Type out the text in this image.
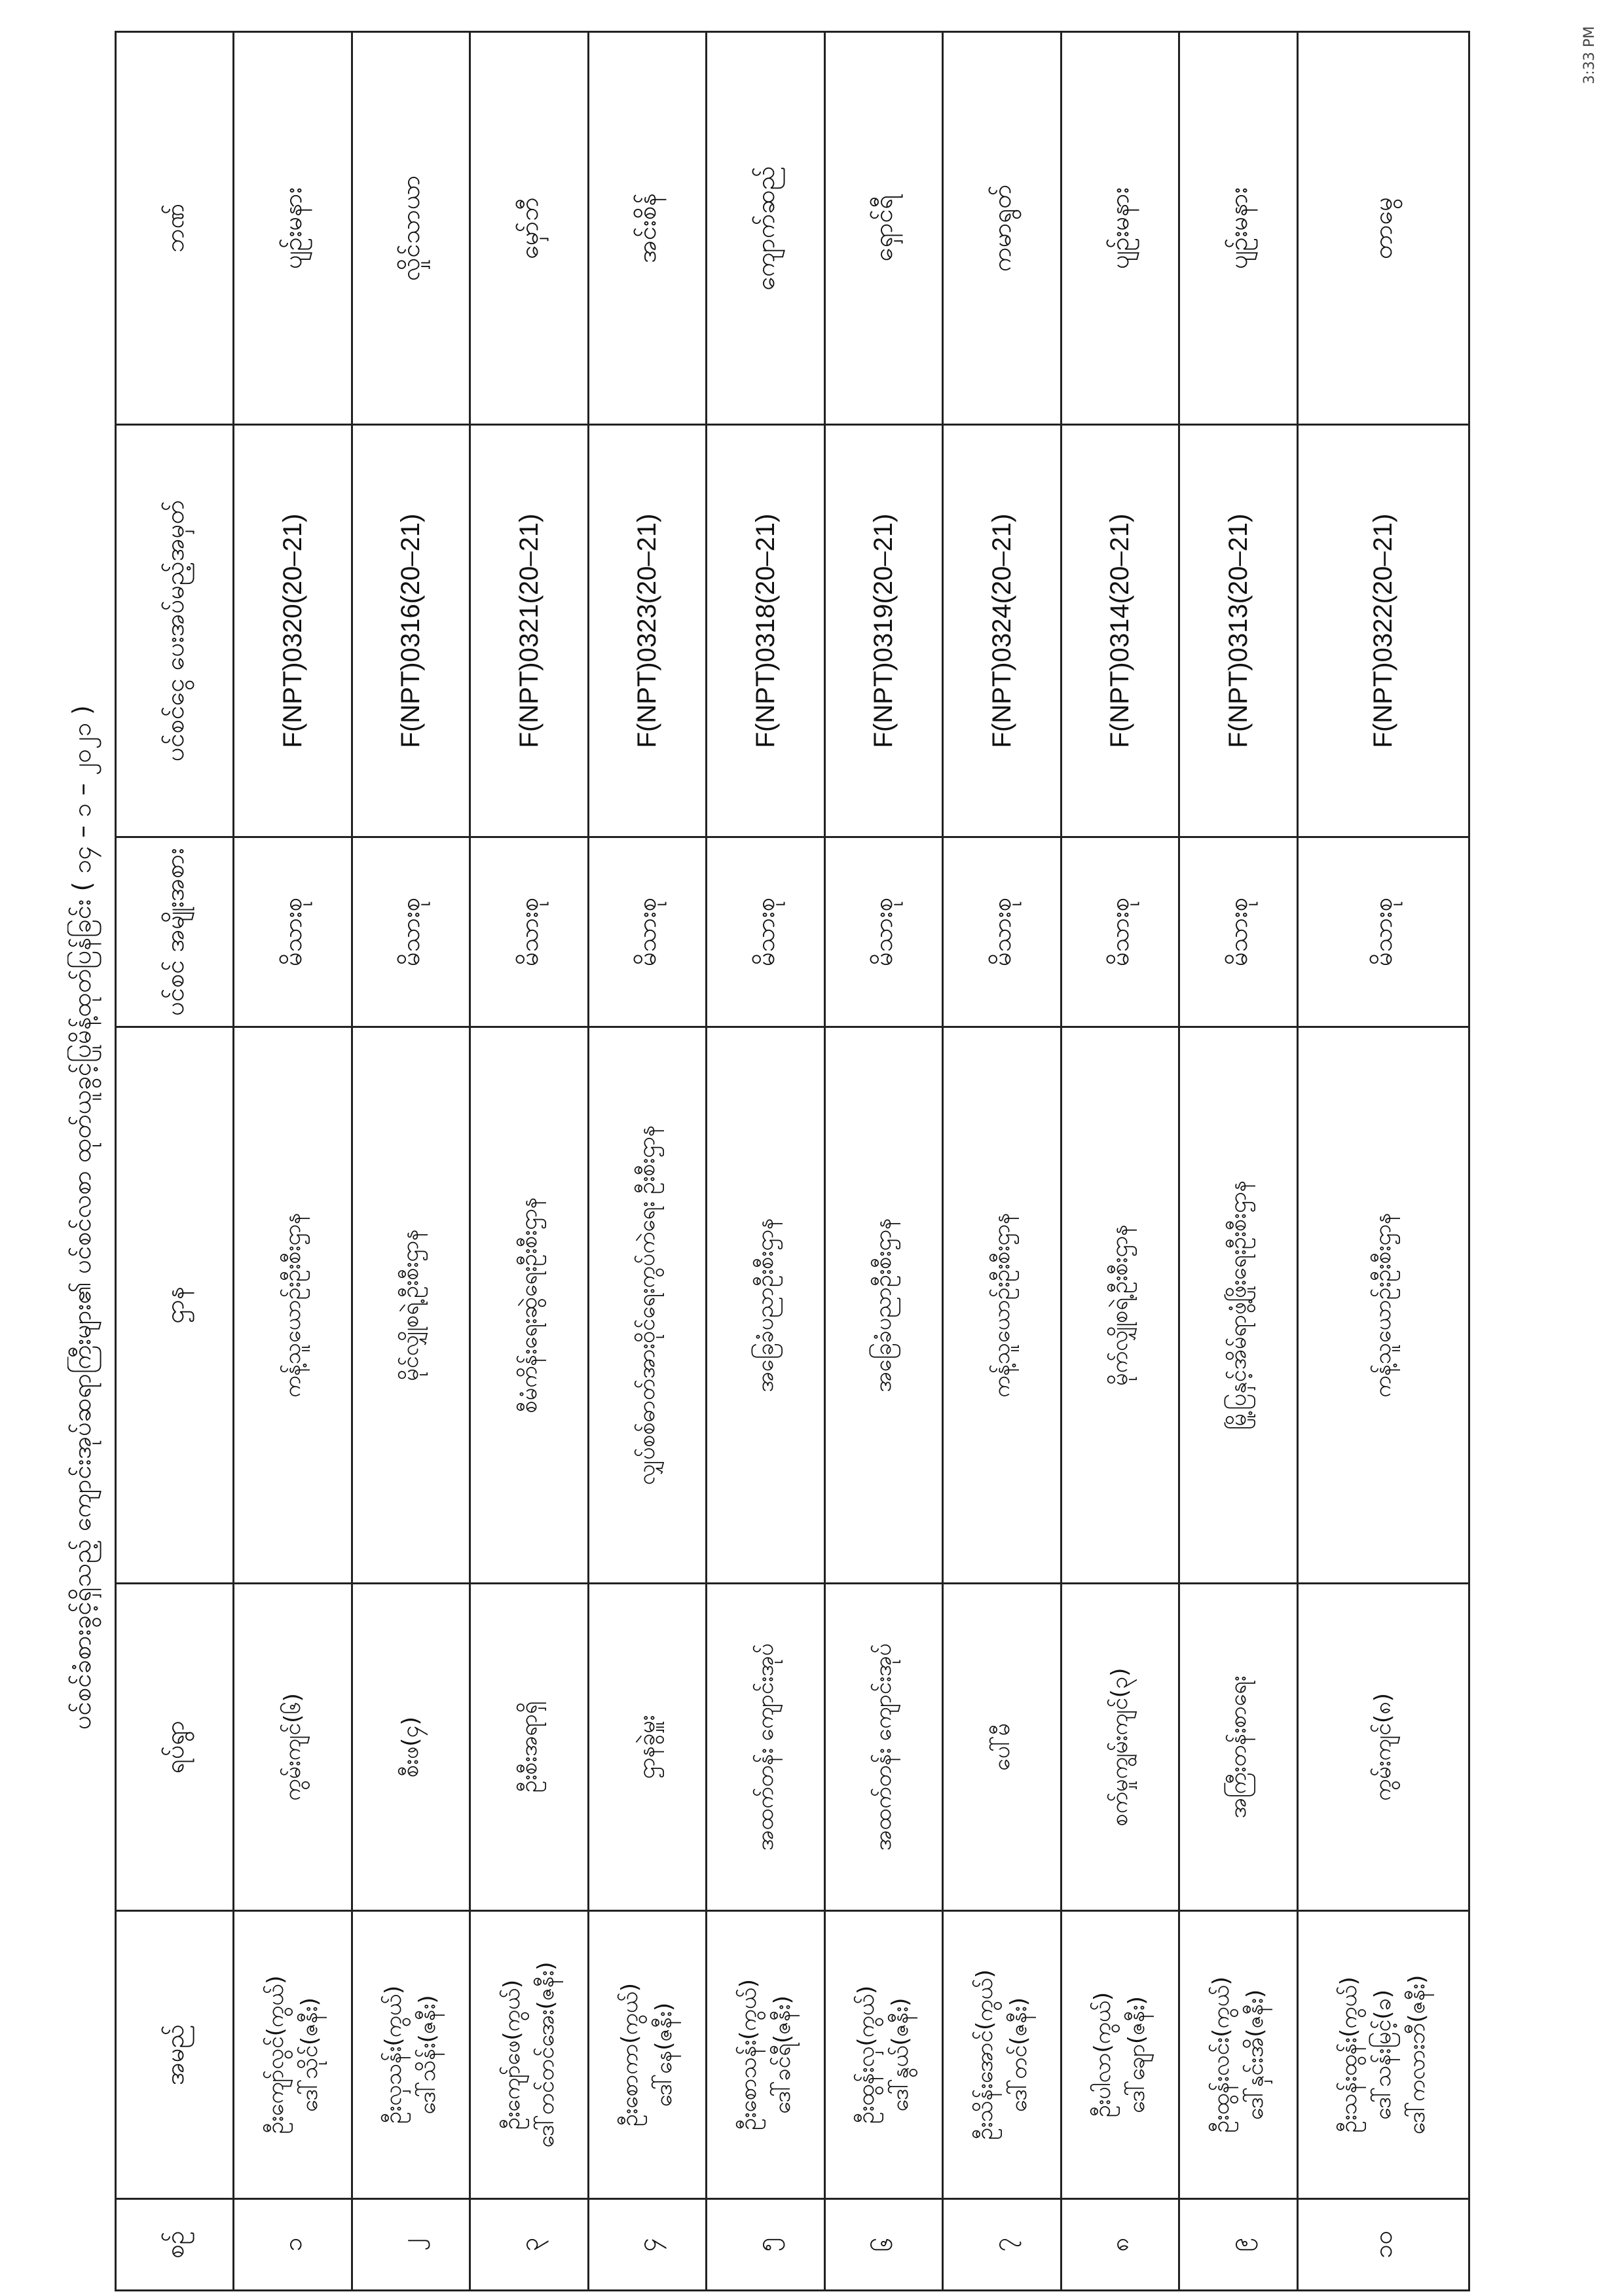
3:33 PM
ပင်စင်ခံစားခွင့်ရှိသည့် ကျောင်းအုပ်ဆရာကြီးများ၏ ပင်စင်လစာ ထုတ်ယူခွင့်ပြုမိန့်ထုတ်ပြန်ခြင်း ( ၁၄ – ၁ – ၂၀၂၁ )
စဥ်	အမည်	ရပ်ရွာ	ဌာန	ပင်စင် အမျိုးအစား	ပင်စင်ငွေ ပေးအပ်မည့်အမှတ်	ဘဏ်
၁	ဦးကျော်လွင်(ကွယ်) ဒေါ်သိုင်(ဇနီး)	ကွမ်းကျင်(၆)	ကန့်သူယောဉ်းဦးစီးဌာန	မိသားစု	F(NPT)0320(20–21)	ပျဉ်းမနား
၂	ဦးလှသန်း(ကွယ်) ဒေါ်သိန်း(ဇနီး)	စီးဖ(၄)	မိုင်လျှိုစရဲ့ဦးစီးဌာန	မိသားစု	F(NPT)0316(20–21)	လှိုင်သာယာ
၃	ဦးကျော်ဖေ(ကွယ်) ဒေါ်တင်တင်အေး(ဇနီး)	ဦးစီးအရာရှိ	စီမံကိန်းရေးဆွဲရေးဦးစီးဌာန	မိသားစု	F(NPT)0321(20–21)	မှော်ဘီ
၄	ဦးစောကာ(ကွယ်) ဒေါ်နေ(ဇနီး)	ဌာနခွဲမှူး	လျှပ်စစ်ဓာတ်အားဝိုင်ရေးကွပ်ကဲရေး ဦးစီးဌာန	မိသားစု	F(NPT)0323(20–21)	အင်းစိန်
၅	ဦးစောသန်း(ကွယ်) ဒေါ်ခင်ရီ(ဇနီး)	အထက်တန်း ကျောင်းအုပ်	အခြေခံပညာဦးစီးဌာန	မိသားစု	F(NPT)0318(20–21)	ကျောက်ဆည်
၆	ဦးထွန်းလှ(ကွယ်) ဒေါ်နွယ်(ဇနီး)	အထက်တန်း ကျောင်းအုပ်	အခြေခံပညာဦးစီးဌာန	မိသားစု	F(NPT)0319(20–21)	ရှောင်ရီ
၇	ဦးသိန်းအောင်(ကွယ်) ဒေါ်တင်(ဇနီး)	ပေါ်မီ	ကန့်သူယောဉ်းဦးစီးဌာန	မိသားစု	F(NPT)0324(20–21)	ကမာရွတ်
၈	ဦးပါလာ(ကွယ်) ဒေါ်ချော(ဇနီး)	စက်မှုကျွမ်းကျင်(၃)	မိုက်လျှိုစရဲ့ဦးစီးဌာန	မိသားစု	F(NPT)0314(20–21)	ပျဉ်းမနား
၉	ဦးထွန်းလင်း(ကွယ်) ဒေါ်နှင်းအိ(ဇနီး)	အကြီးတန်းစာရေး	မြို့ပြနှင့်အိမ်ရာဖွံ့ဖြိုးရေးဦးစီးဌာန	မိသားစု	F(NPT)0313(20–21)	ပျဉ်းမနား
၁၀	ဦးသန်းထွန်း(ကွယ်) ဒေါ်သန်းမြင့်(ခ) ဒေါ်ကလားဘီ(ဇနီး)	ကွမ်းကျင်(၈)	ကန့်သူယောဉ်းဦးစီးဌာန	မိသားစု	F(NPT)0322(20–21)	တာမွေ
